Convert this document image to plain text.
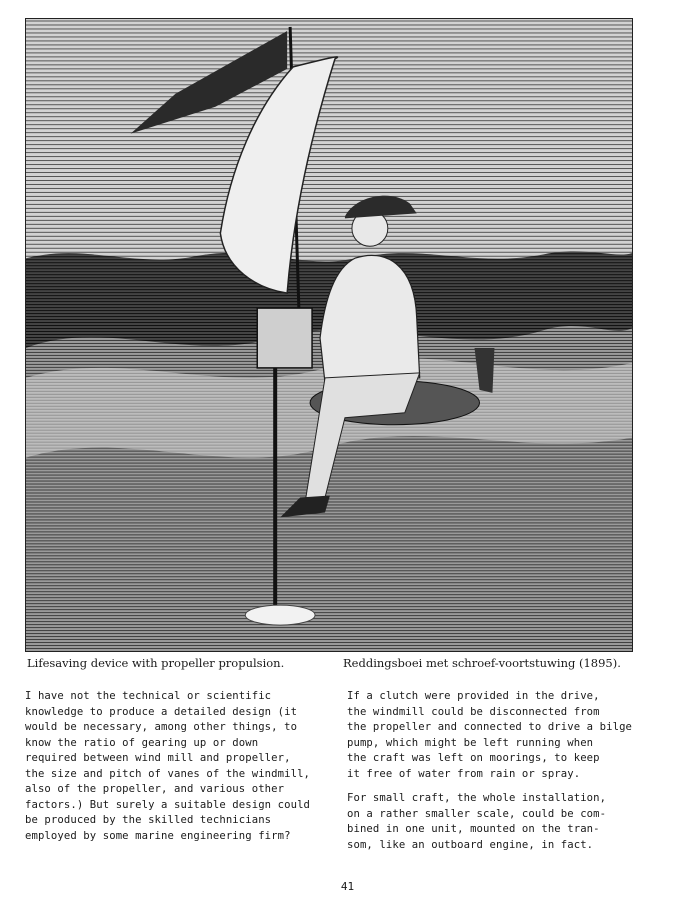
Lifesaving device with propeller propulsion.	Reddingsboei met schroef-voortstuwing (1895).
I have not the technical or scientific
knowledge to produce a detailed design (it
would be necessary, among other things, to
know the ratio of gearing up or down
required between wind mill and propeller,
the size and pitch of vanes of the windmill,
also of the propeller, and various other
factors.) But surely a suitable design could
be produced by the skilled technicians
employed by some marine engineering firm?
If a clutch were provided in the drive,
the windmill could be disconnected from
the propeller and connected to drive a bilge
pump, which might be left running when
the craft was left on moorings, to keep
it free of water from rain or spray.
For small craft, the whole installation,
on a rather smaller scale, could be com-
bined in one unit, mounted on the tran-
som, like an outboard engine, in fact.
41
